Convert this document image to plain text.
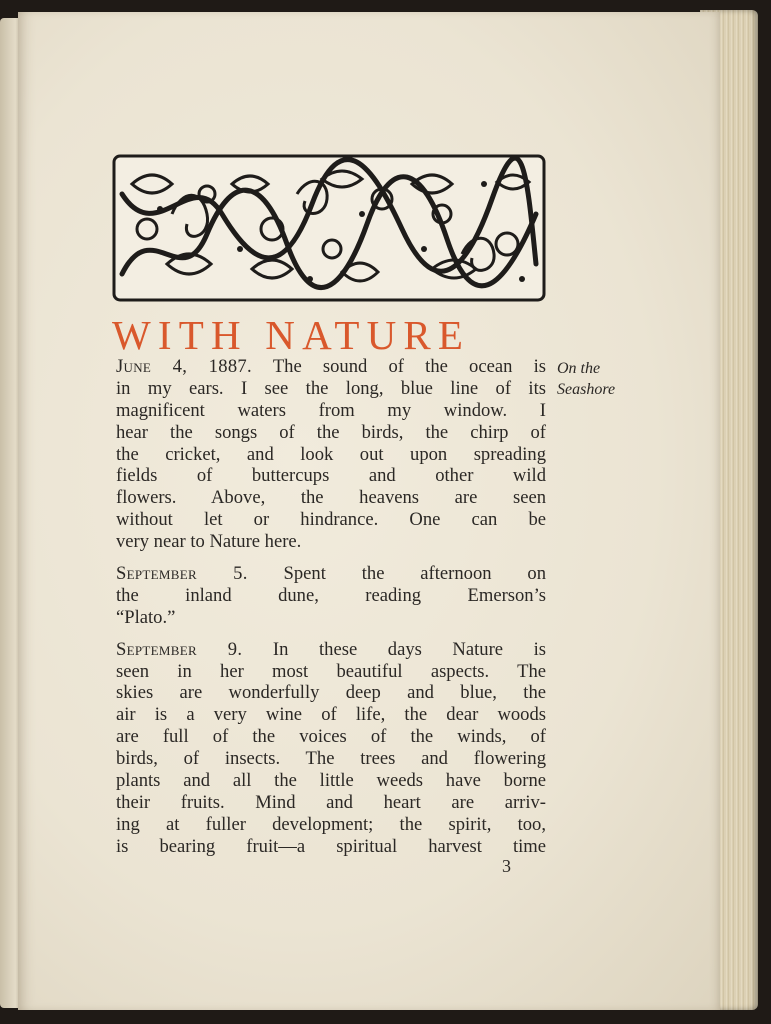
WITH NATURE
On the
Seashore
June 4, 1887. The sound of the ocean is
in my ears. I see the long, blue line of its
magnificent waters from my window. I
hear the songs of the birds, the chirp of
the cricket, and look out upon spreading
fields of buttercups and other wild
flowers. Above, the heavens are seen
without let or hindrance. One can be
very near to Nature here.
September 5. Spent the afternoon on
the inland dune, reading Emerson’s
“Plato.”
September 9. In these days Nature is
seen in her most beautiful aspects. The
skies are wonderfully deep and blue, the
air is a very wine of life, the dear woods
are full of the voices of the winds, of
birds, of insects. The trees and flowering
plants and all the little weeds have borne
their fruits. Mind and heart are arriv-
ing at fuller development; the spirit, too,
is bearing fruit—a spiritual harvest time
3
